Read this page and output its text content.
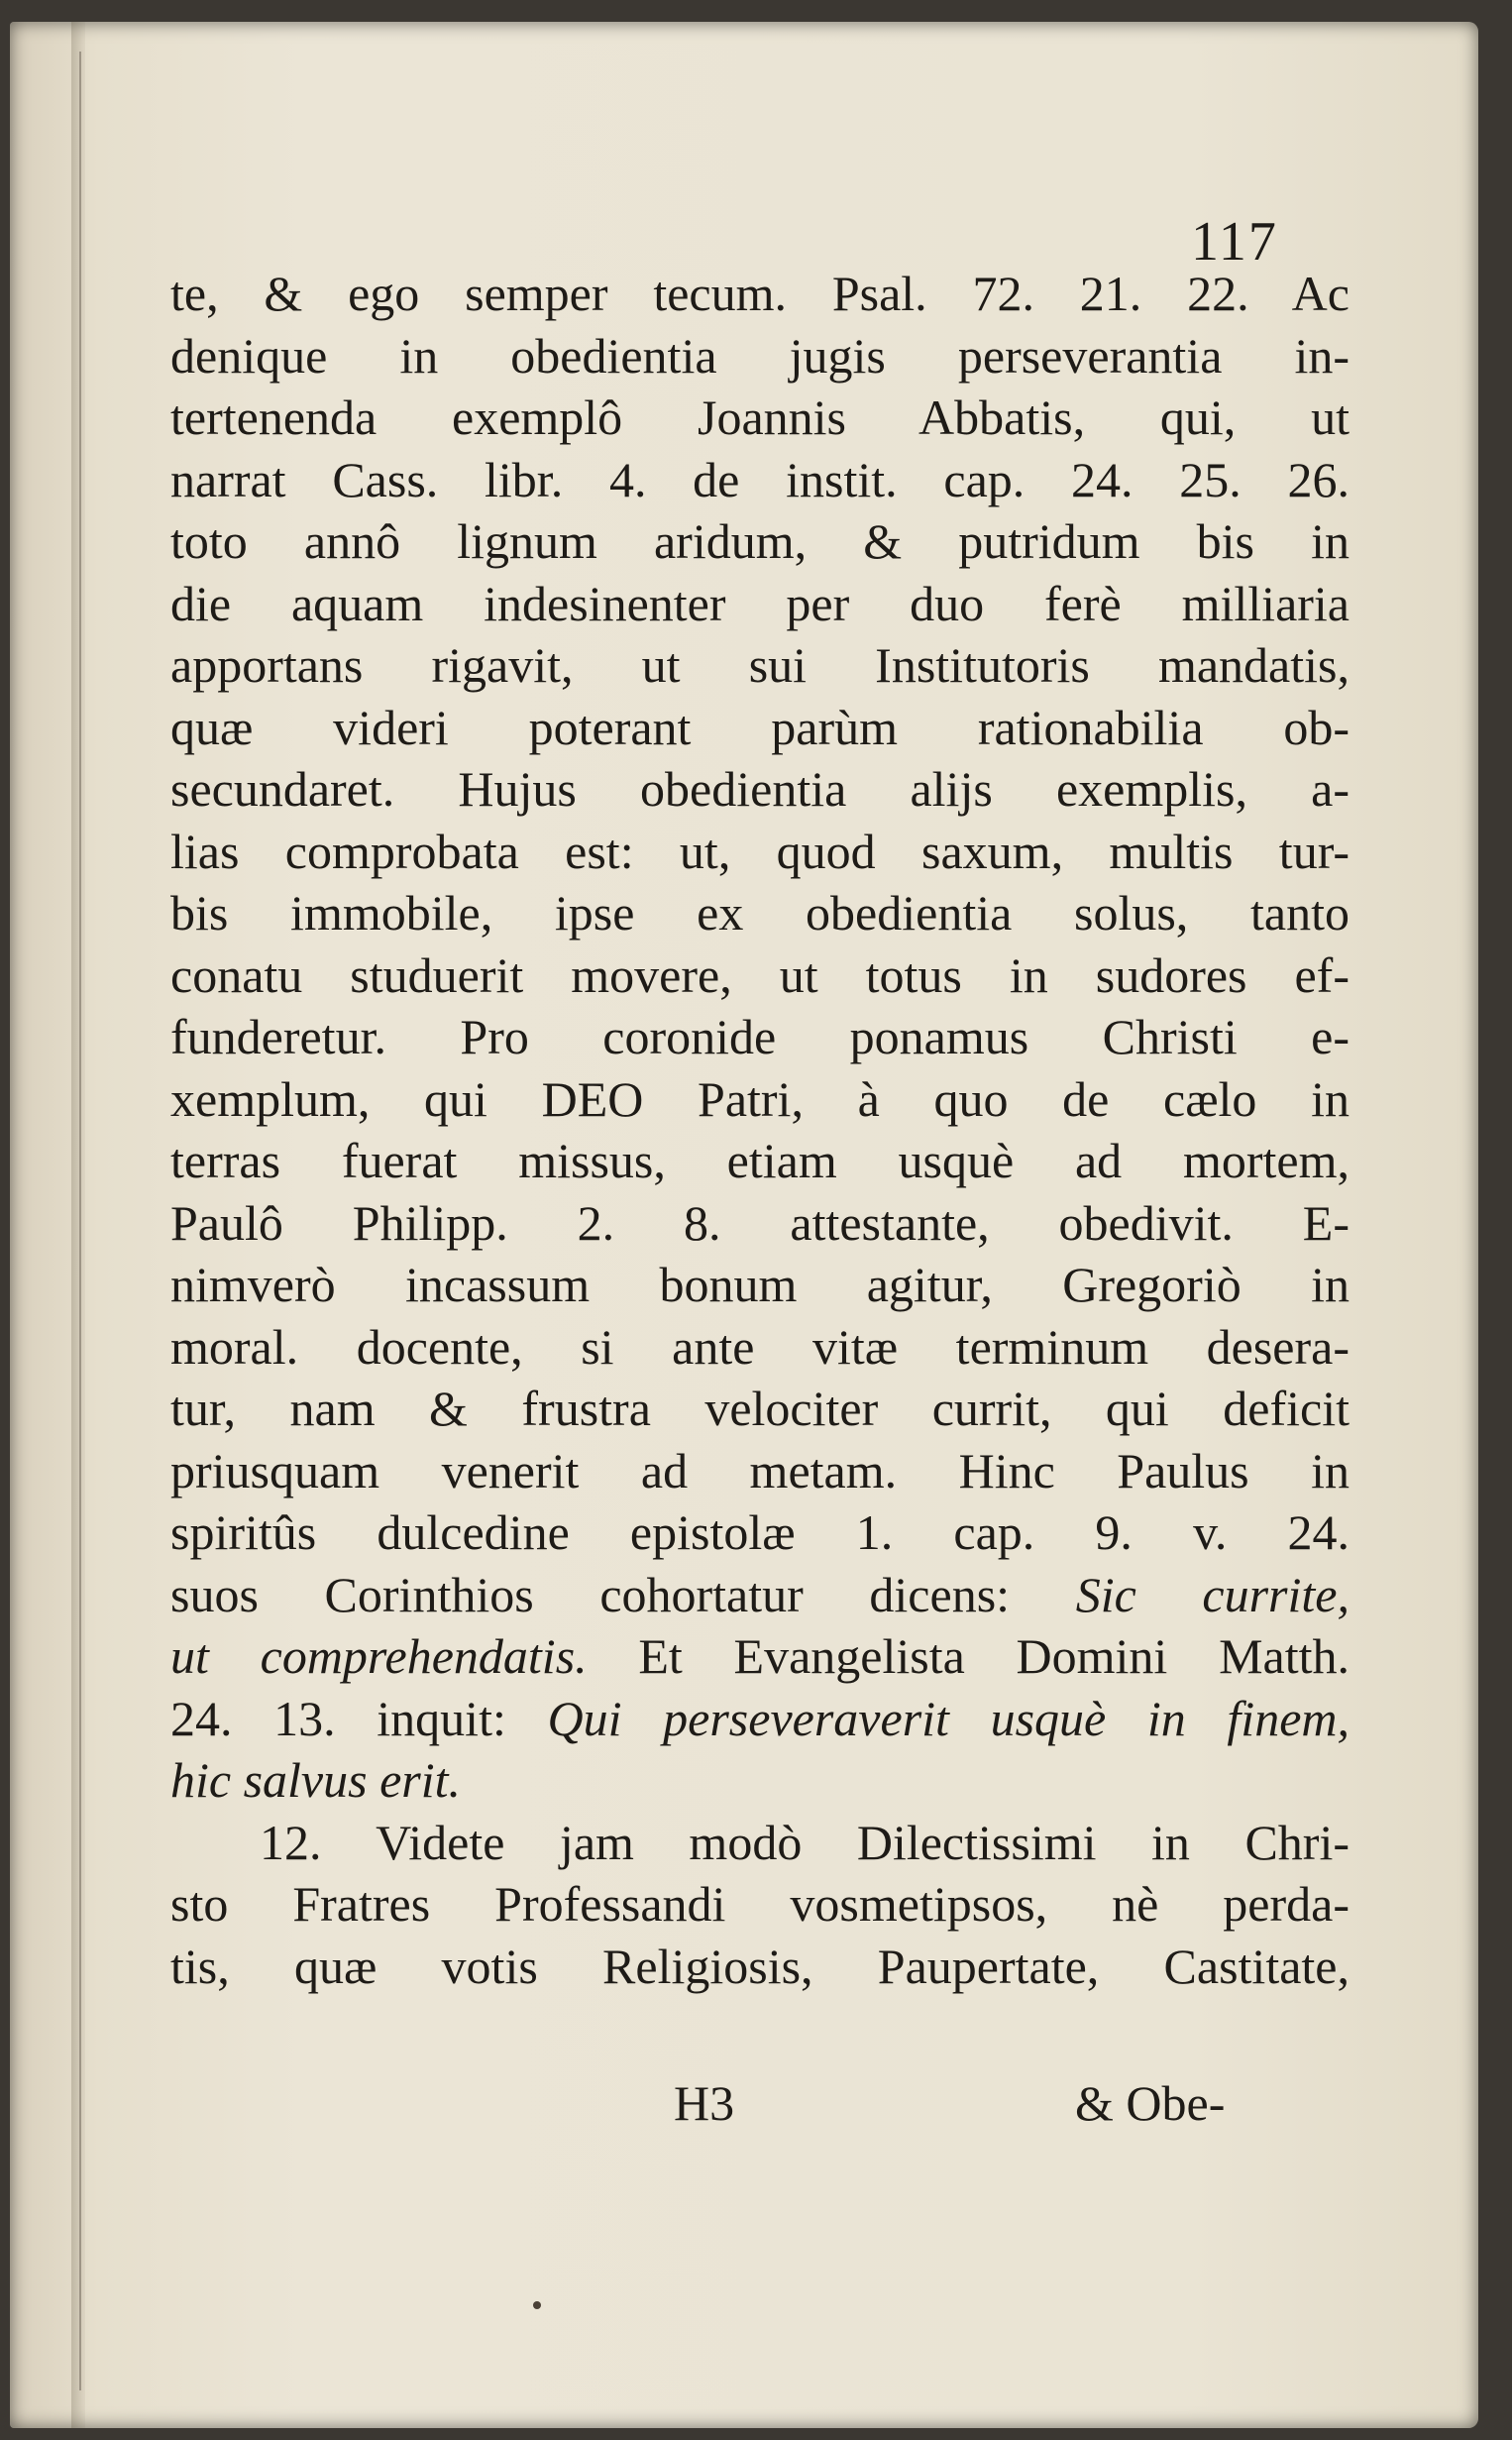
117
te, & ego semper tecum. Psal. 72. 21. 22. Ac
denique in obedientia jugis perseverantia in-
tertenenda exemplô Joannis Abbatis, qui, ut
narrat Cass. libr. 4. de instit. cap. 24. 25. 26.
toto annô lignum aridum, & putridum bis in
die aquam indesinenter per duo ferè milliaria
apportans rigavit, ut sui Institutoris mandatis,
quæ videri poterant parùm rationabilia ob-
secundaret. Hujus obedientia alijs exemplis, a-
lias comprobata est: ut, quod saxum, multis tur-
bis immobile, ipse ex obedientia solus, tanto
conatu studuerit movere, ut totus in sudores ef-
funderetur. Pro coronide ponamus Christi e-
xemplum, qui DEO Patri, à quo de cælo in
terras fuerat missus, etiam usquè ad mortem,
Paulô Philipp. 2. 8. attestante, obedivit. E-
nimverò incassum bonum agitur, Gregoriò in
moral. docente, si ante vitæ terminum desera-
tur, nam & frustra velociter currit, qui deficit
priusquam venerit ad metam. Hinc Paulus in
spiritûs dulcedine epistolæ 1. cap. 9. v. 24.
suos Corinthios cohortatur dicens: Sic currite,
ut comprehendatis. Et Evangelista Domini Matth.
24. 13. inquit: Qui perseveraverit usquè in finem,
hic salvus erit.
12. Videte jam modò Dilectissimi in Chri-
sto Fratres Professandi vosmetipsos, nè perda-
tis, quæ votis Religiosis, Paupertate, Castitate,
H3	& Obe-
